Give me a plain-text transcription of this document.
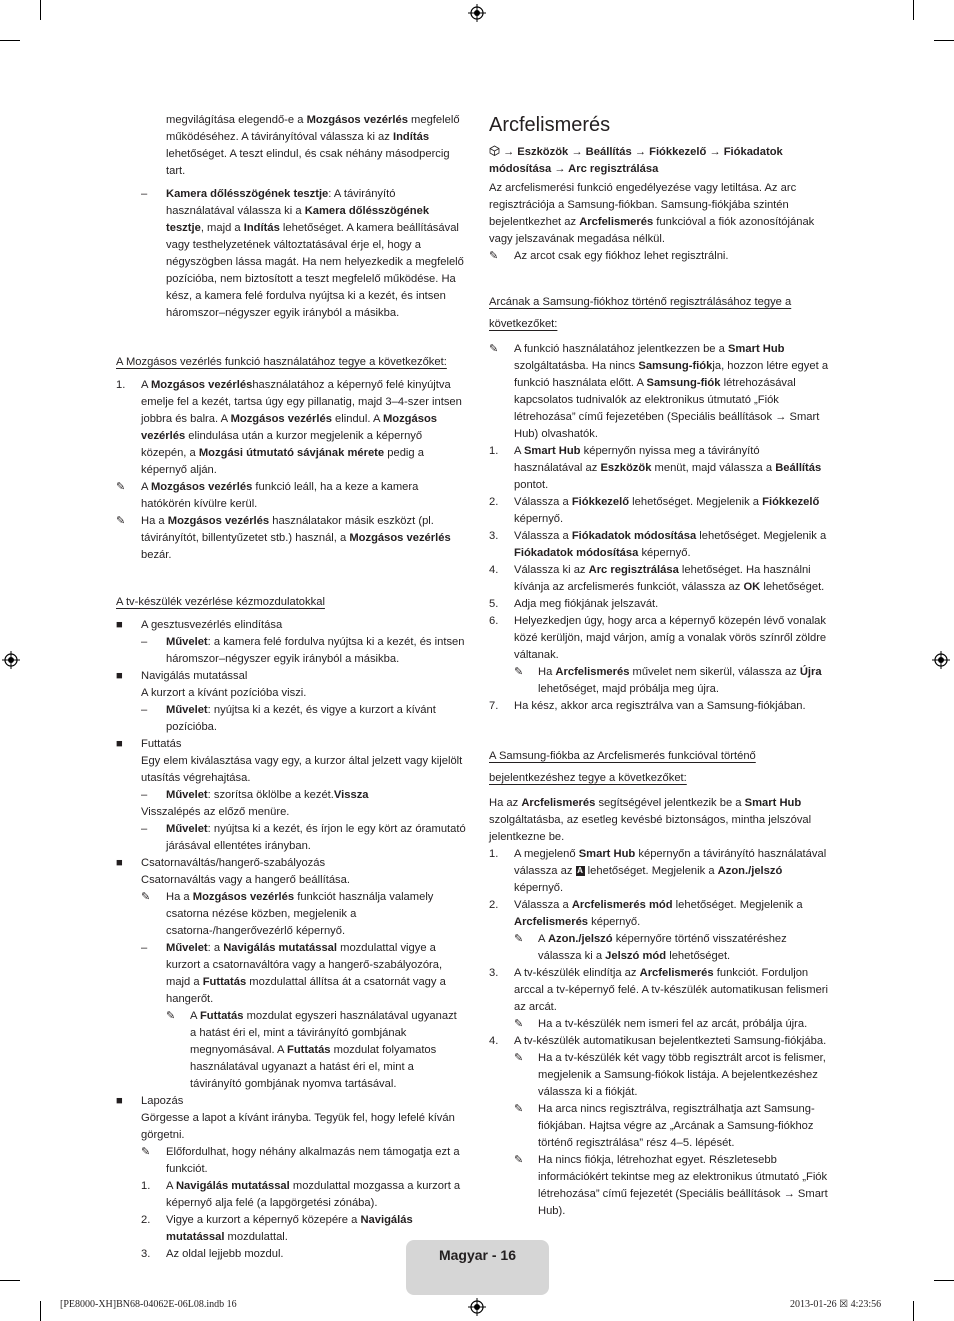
megvilágítása elegendő-e a Mozgásos vezérlés megfelelő működéséhez. A távirányítóval válassza ki az Indítás lehetőséget. A teszt elindul, és csak néhány másodpercig tart.

– Kamera dőlésszögének tesztje: A távirányító használatával válassza ki a Kamera dőlésszögének tesztje, majd a Indítás lehetőséget. A kamera beállításával vagy testhelyzetének változtatásával érje el, hogy a négyszögben lássa magát. Ha nem helyezkedik a megfelelő pozícióba, nem biztosított a teszt megfelelő működése. Ha kész, a kamera felé fordulva nyújtsa ki a kezét, és intsen háromszor–négyszer egyik irányból a másikba.

A Mozgásos vezérlés funkció használatához tegye a következőket:

1. A Mozgásos vezérléshasználatához a képernyő felé kinyújtva emelje fel a kezét, tartsa úgy egy pillanatig, majd 3–4-szer intsen jobbra és balra. A Mozgásos vezérlés elindul. A Mozgásos vezérlés elindulása után a kurzor megjelenik a képernyő közepén, a Mozgási útmutató sávjának mérete pedig a képernyő alján.

✎ A Mozgásos vezérlés funkció leáll, ha a keze a kamera hatókörén kívülre kerül.

✎ Ha a Mozgásos vezérlés használatakor másik eszközt (pl. távirányítót, billentyűzetet stb.) használ, a Mozgásos vezérlés bezár.

A tv-készülék vezérlése kézmozdulatokkal

■ A gesztusvezérlés elindítása

– Művelet: a kamera felé fordulva nyújtsa ki a kezét, és intsen háromszor–négyszer egyik irányból a másikba.

■ Navigálás mutatással

A kurzort a kívánt pozícióba viszi.

– Művelet: nyújtsa ki a kezét, és vigye a kurzort a kívánt pozícióba.

■ Futtatás

Egy elem kiválasztása vagy egy, a kurzor által jelzett vagy kijelölt utasítás végrehajtása.

– Művelet: szorítsa öklölbe a kezét.Vissza

Visszalépés az előző menüre.

– Művelet: nyújtsa ki a kezét, és írjon le egy kört az óramutató járásával ellentétes irányban.

■ Csatornaváltás/hangerő-szabályozás

Csatornaváltás vagy a hangerő beállítása.

✎ Ha a Mozgásos vezérlés funkciót használja valamely csatorna nézése közben, megjelenik a csatorna-/hangerővezérlő képernyő.

– Művelet: a Navigálás mutatással mozdulattal vigye a kurzort a csatornaváltóra vagy a hangerő-szabályozóra, majd a Futtatás mozdulattal állítsa át a csatornát vagy a hangerőt.

✎ A Futtatás mozdulat egyszeri használatával ugyanazt a hatást éri el, mint a távirányító gombjának megnyomásával. A Futtatás mozdulat folyamatos használatával ugyanazt a hatást éri el, mint a távirányító gombjának nyomva tartásával.

■ Lapozás

Görgesse a lapot a kívánt irányba. Tegyük fel, hogy lefelé kíván görgetni.

✎ Előfordulhat, hogy néhány alkalmazás nem támogatja ezt a funkciót.

1. A Navigálás mutatással mozdulattal mozgassa a kurzort a képernyő alja felé (a lapgörgetési zónába).

2. Vigye a kurzort a képernyő közepére a Navigálás mutatással mozdulattal.

3. Az oldal lejjebb mozdul.

Arcfelismerés

→ Eszközök → Beállítás → Fiókkezelő → Fiókadatok módosítása → Arc regisztrálása

Az arcfelismerési funkció engedélyezése vagy letiltása. Az arc regisztrációja a Samsung-fiókban. Samsung-fiókjába szintén bejelentkezhet az Arcfelismerés funkcióval a fiók azonosítójának vagy jelszavának megadása nélkül.

✎ Az arcot csak egy fiókhoz lehet regisztrálni.

Arcának a Samsung-fiókhoz történő regisztrálásához tegye a következőket:

✎ A funkció használatához jelentkezzen be a Smart Hub szolgáltatásba. Ha nincs Samsung-fiókja, hozzon létre egyet a funkció használata előtt. A Samsung-fiók létrehozásával kapcsolatos tudnivalók az elektronikus útmutató „Fiók létrehozása” című fejezetében (Speciális beállítások → Smart Hub) olvashatók.

1. A Smart Hub képernyőn nyissa meg a távirányító használatával az Eszközök menüt, majd válassza a Beállítás pontot.

2. Válassza a Fiókkezelő lehetőséget. Megjelenik a Fiókkezelő képernyő.

3. Válassza a Fiókadatok módosítása lehetőséget. Megjelenik a Fiókadatok módosítása képernyő.

4. Válassza ki az Arc regisztrálása lehetőséget. Ha használni kívánja az arcfelismerés funkciót, válassza az OK lehetőséget.

5. Adja meg fiókjának jelszavát.

6. Helyezkedjen úgy, hogy arca a képernyő közepén lévő vonalak közé kerüljön, majd várjon, amíg a vonalak vörös színről zöldre váltanak.

✎ Ha Arcfelismerés művelet nem sikerül, válassza az Újra lehetőséget, majd próbálja meg újra.

7. Ha kész, akkor arca regisztrálva van a Samsung-fiókjában.

A Samsung-fiókba az Arcfelismerés funkcióval történő bejelentkezéshez tegye a következőket:

Ha az Arcfelismerés segítségével jelentkezik be a Smart Hub szolgáltatásba, az esetleg kevésbé biztonságos, mintha jelszóval jelentkezne be.

1. A megjelenő Smart Hub képernyőn a távirányító használatával válassza az A lehetőséget. Megjelenik a Azon./jelszó képernyő.

2. Válassza a Arcfelismerés mód lehetőséget. Megjelenik a Arcfelismerés képernyő.

✎ A Azon./jelszó képernyőre történő visszatéréshez válassza ki a Jelszó mód lehetőséget.

3. A tv-készülék elindítja az Arcfelismerés funkciót. Forduljon arccal a tv-képernyő felé. A tv-készülék automatikusan felismeri az arcát.

✎ Ha a tv-készülék nem ismeri fel az arcát, próbálja újra.

4. A tv-készülék automatikusan bejelentkezteti Samsung-fiókjába.

✎ Ha a tv-készülék két vagy több regisztrált arcot is felismer, megjelenik a Samsung-fiókok listája. A bejelentkezéshez válassza ki a fiókját.

✎ Ha arca nincs regisztrálva, regisztrálhatja azt Samsung-fiókjában. Hajtsa végre az „Arcának a Samsung-fiókhoz történő regisztrálása” rész 4–5. lépését.

✎ Ha nincs fiókja, létrehozhat egyet. Részletesebb információkért tekintse meg az elektronikus útmutató „Fiók létrehozása” című fejezetét (Speciális beállítások → Smart Hub).

Magyar - 16
[PE8000-XH]BN68-04062E-06L08.indb 16	2013-01-26 ☒ 4:23:56
